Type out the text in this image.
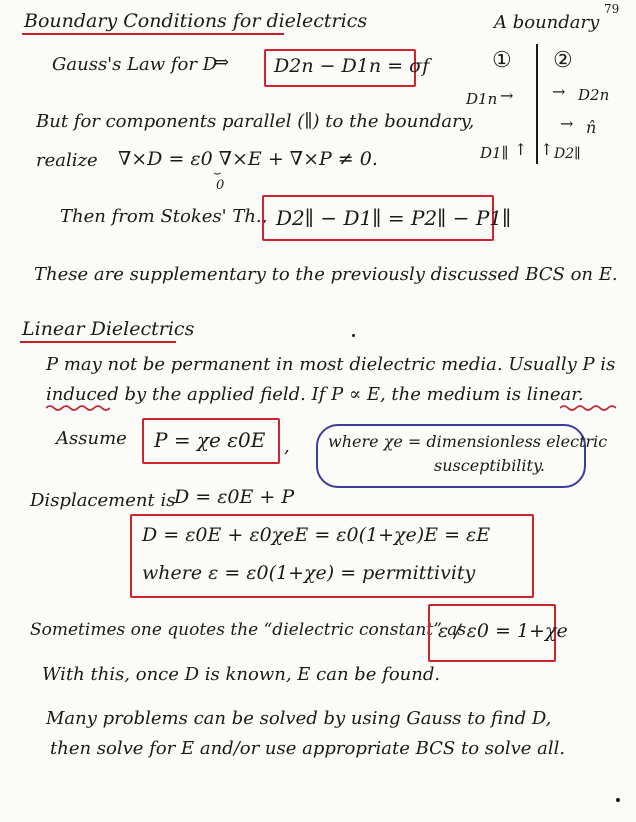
79
Boundary Conditions for dielectrics
Gauss's Law for D
⇒ D2n − D1n = σf
A boundary
① ②
D1n → → D2n
→ n̂
D1∥ ↑ ↑ D2∥
But for components parallel (∥) to the boundary,
realize ∇×D = ε0 ∇×E + ∇×P ≠ 0.
⌣
0
Then from Stokes' Th., D2∥ − D1∥ = P2∥ − P1∥
These are supplementary to the previously discussed BCS on E.
Linear Dielectrics
P may not be permanent in most dielectric media. Usually P is
induced by the applied field. If P ∝ E, the medium is linear.
Assume P = χe ε0E , where χe = dimensionless electric
susceptibility.
Displacement is
D = ε0E + P
D = ε0E + ε0χeE = ε0(1+χe)E = εE
where ε = ε0(1+χe) = permittivity
Sometimes one quotes the “dielectric constant” as
ε / ε0 = 1+χe
With this, once D is known, E can be found.
Many problems can be solved by using Gauss to find D,
then solve for E and/or use appropriate BCS to solve all.
